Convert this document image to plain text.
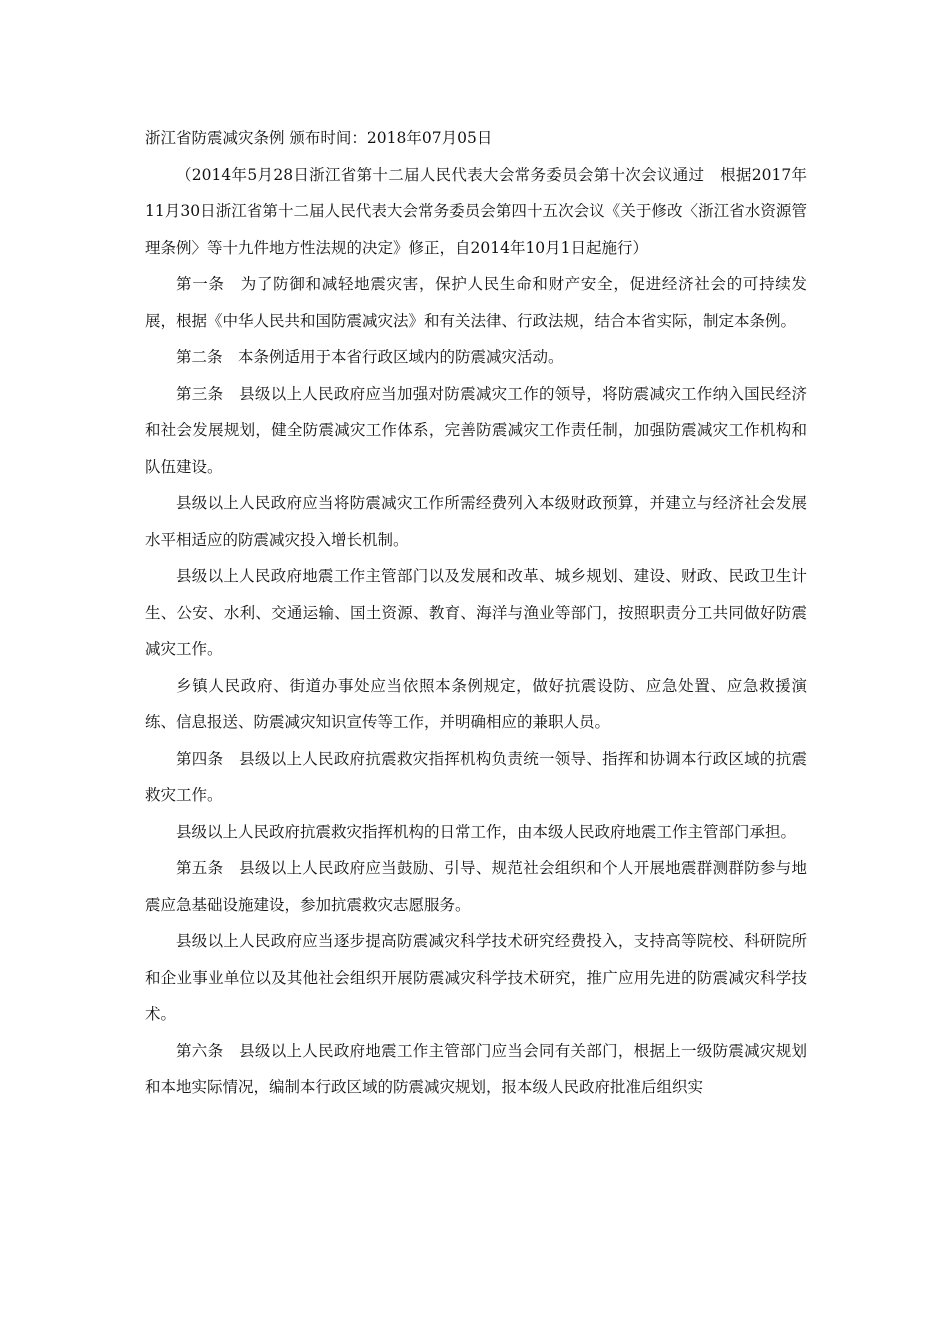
浙江省防震减灾条例 颁布时间：2018年07月05日

（2014年5月28日浙江省第十二届人民代表大会常务委员会第十次会议通过　根据2017年11月30日浙江省第十二届人民代表大会常务委员会第四十五次会议《关于修改〈浙江省水资源管理条例〉等十九件地方性法规的决定》修正，自2014年10月1日起施行）

第一条　为了防御和减轻地震灾害，保护人民生命和财产安全，促进经济社会的可持续发展，根据《中华人民共和国防震减灾法》和有关法律、行政法规，结合本省实际，制定本条例。

第二条　本条例适用于本省行政区域内的防震减灾活动。

第三条　县级以上人民政府应当加强对防震减灾工作的领导，将防震减灾工作纳入国民经济和社会发展规划，健全防震减灾工作体系，完善防震减灾工作责任制，加强防震减灾工作机构和队伍建设。

县级以上人民政府应当将防震减灾工作所需经费列入本级财政预算，并建立与经济社会发展水平相适应的防震减灾投入增长机制。

县级以上人民政府地震工作主管部门以及发展和改革、城乡规划、建设、财政、民政卫生计生、公安、水利、交通运输、国土资源、教育、海洋与渔业等部门，按照职责分工共同做好防震减灾工作。

乡镇人民政府、街道办事处应当依照本条例规定，做好抗震设防、应急处置、应急救援演练、信息报送、防震减灾知识宣传等工作，并明确相应的兼职人员。

第四条　县级以上人民政府抗震救灾指挥机构负责统一领导、指挥和协调本行政区域的抗震救灾工作。

县级以上人民政府抗震救灾指挥机构的日常工作，由本级人民政府地震工作主管部门承担。

第五条　县级以上人民政府应当鼓励、引导、规范社会组织和个人开展地震群测群防参与地震应急基础设施建设，参加抗震救灾志愿服务。

县级以上人民政府应当逐步提高防震减灾科学技术研究经费投入，支持高等院校、科研院所和企业事业单位以及其他社会组织开展防震减灾科学技术研究，推广应用先进的防震减灾科学技术。

第六条　县级以上人民政府地震工作主管部门应当会同有关部门，根据上一级防震减灾规划和本地实际情况，编制本行政区域的防震减灾规划，报本级人民政府批准后组织实
